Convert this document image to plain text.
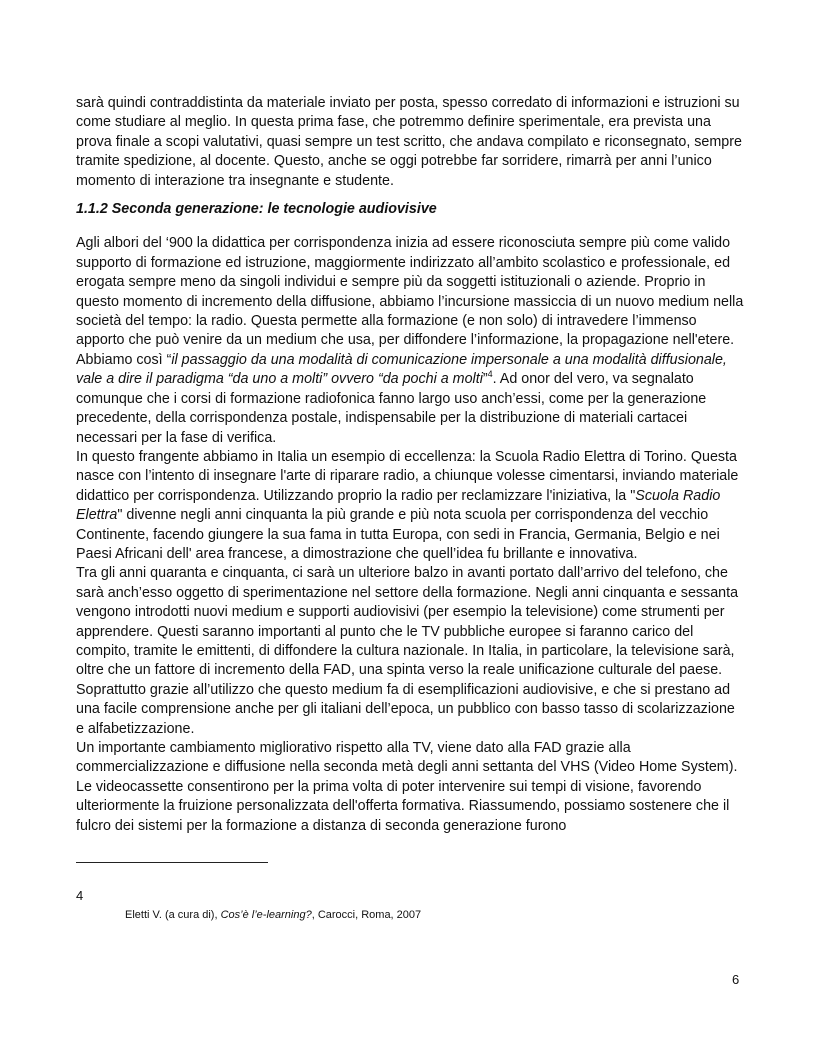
sarà quindi contraddistinta da materiale inviato per posta, spesso corredato di informazioni e istruzioni su come studiare al meglio. In questa prima fase, che potremmo definire sperimentale, era prevista una prova finale a scopi valutativi, quasi sempre un test scritto, che andava compilato e riconsegnato, sempre tramite spedizione, al docente. Questo, anche se oggi potrebbe far sorridere, rimarrà per anni l’unico momento di interazione tra insegnante e studente.

1.1.2 Seconda generazione: le tecnologie audiovisive

Agli albori del ‘900 la didattica per corrispondenza inizia ad essere riconosciuta sempre più come valido supporto di formazione ed istruzione, maggiormente indirizzato all’ambito scolastico e professionale, ed erogata sempre meno da singoli individui e sempre più da soggetti istituzionali o aziende. Proprio in questo momento di incremento della diffusione, abbiamo l’incursione massiccia di un nuovo medium nella società del tempo: la radio. Questa permette alla formazione (e non solo) di intravedere l’immenso apporto che può venire da un medium che usa, per diffondere l’informazione, la propagazione nell'etere. Abbiamo così “il passaggio da una modalità di comunicazione impersonale a una modalità diffusionale, vale a dire il paradigma “da uno a molti” ovvero “da pochi a molti”$^4$. Ad onor del vero, va segnalato comunque che i corsi di formazione radiofonica fanno largo uso anch’essi, come per la generazione precedente, della corrispondenza postale, indispensabile per la distribuzione di materiali cartacei necessari per la fase di verifica.

In questo frangente abbiamo in Italia un esempio di eccellenza: la Scuola Radio Elettra di Torino. Questa nasce con l’intento di insegnare l'arte di riparare radio, a chiunque volesse cimentarsi, inviando materiale didattico per corrispondenza. Utilizzando proprio la radio per reclamizzare l'iniziativa, la "Scuola Radio Elettra" divenne negli anni cinquanta la più grande e più nota scuola per corrispondenza del vecchio Continente, facendo giungere la sua fama in tutta Europa, con sedi in Francia, Germania, Belgio e nei Paesi Africani dell' area francese, a dimostrazione che quell’idea fu brillante e innovativa.

Tra gli anni quaranta e cinquanta, ci sarà un ulteriore balzo in avanti portato dall’arrivo del telefono, che sarà anch’esso oggetto di sperimentazione nel settore della formazione. Negli anni cinquanta e sessanta vengono introdotti nuovi medium e supporti audiovisivi (per esempio la televisione) come strumenti per apprendere. Questi saranno importanti al punto che le TV pubbliche europee si faranno carico del compito, tramite le emittenti, di diffondere la cultura nazionale. In Italia, in particolare, la televisione sarà, oltre che un fattore di incremento della FAD, una spinta verso la reale unificazione culturale del paese. Soprattutto grazie all’utilizzo che questo medium fa di esemplificazioni audiovisive, e che si prestano ad una facile comprensione anche per gli italiani dell’epoca, un pubblico con basso tasso di scolarizzazione e alfabetizzazione.

Un importante cambiamento migliorativo rispetto alla TV, viene dato alla FAD grazie alla commercializzazione e diffusione nella seconda metà degli anni settanta del VHS (Video Home System). Le videocassette consentirono per la prima volta di poter intervenire sui tempi di visione, favorendo ulteriormente la fruizione personalizzata dell'offerta formativa. Riassumendo, possiamo sostenere che il fulcro dei sistemi per la formazione a distanza di seconda generazione furono

4
Eletti V. (a cura di), Cos’è l’e-learning?, Carocci, Roma, 2007
6
